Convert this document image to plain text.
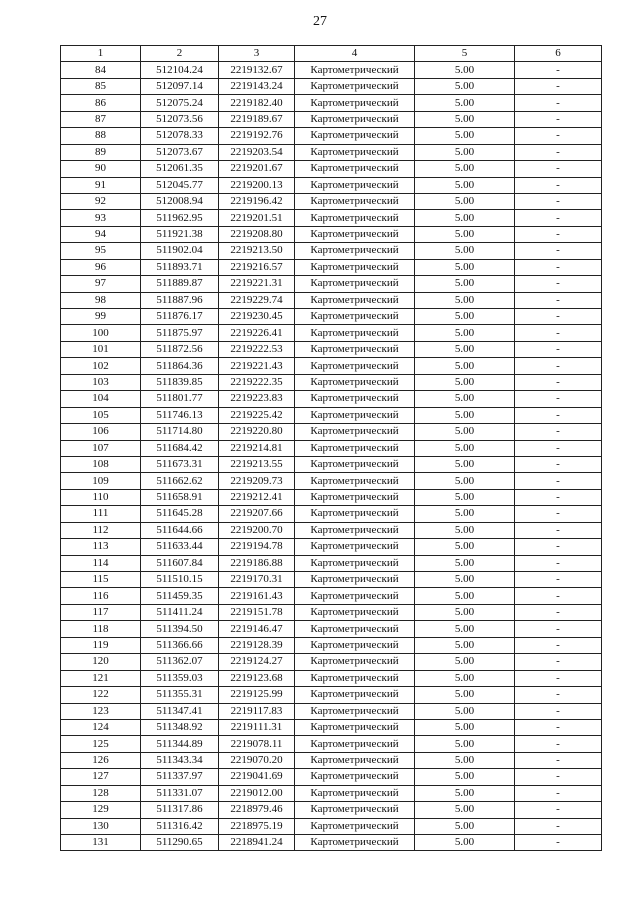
27
1	2	3	4	5	6
84	512104.24	2219132.67	Картометрический	5.00	-
85	512097.14	2219143.24	Картометрический	5.00	-
86	512075.24	2219182.40	Картометрический	5.00	-
87	512073.56	2219189.67	Картометрический	5.00	-
88	512078.33	2219192.76	Картометрический	5.00	-
89	512073.67	2219203.54	Картометрический	5.00	-
90	512061.35	2219201.67	Картометрический	5.00	-
91	512045.77	2219200.13	Картометрический	5.00	-
92	512008.94	2219196.42	Картометрический	5.00	-
93	511962.95	2219201.51	Картометрический	5.00	-
94	511921.38	2219208.80	Картометрический	5.00	-
95	511902.04	2219213.50	Картометрический	5.00	-
96	511893.71	2219216.57	Картометрический	5.00	-
97	511889.87	2219221.31	Картометрический	5.00	-
98	511887.96	2219229.74	Картометрический	5.00	-
99	511876.17	2219230.45	Картометрический	5.00	-
100	511875.97	2219226.41	Картометрический	5.00	-
101	511872.56	2219222.53	Картометрический	5.00	-
102	511864.36	2219221.43	Картометрический	5.00	-
103	511839.85	2219222.35	Картометрический	5.00	-
104	511801.77	2219223.83	Картометрический	5.00	-
105	511746.13	2219225.42	Картометрический	5.00	-
106	511714.80	2219220.80	Картометрический	5.00	-
107	511684.42	2219214.81	Картометрический	5.00	-
108	511673.31	2219213.55	Картометрический	5.00	-
109	511662.62	2219209.73	Картометрический	5.00	-
110	511658.91	2219212.41	Картометрический	5.00	-
111	511645.28	2219207.66	Картометрический	5.00	-
112	511644.66	2219200.70	Картометрический	5.00	-
113	511633.44	2219194.78	Картометрический	5.00	-
114	511607.84	2219186.88	Картометрический	5.00	-
115	511510.15	2219170.31	Картометрический	5.00	-
116	511459.35	2219161.43	Картометрический	5.00	-
117	511411.24	2219151.78	Картометрический	5.00	-
118	511394.50	2219146.47	Картометрический	5.00	-
119	511366.66	2219128.39	Картометрический	5.00	-
120	511362.07	2219124.27	Картометрический	5.00	-
121	511359.03	2219123.68	Картометрический	5.00	-
122	511355.31	2219125.99	Картометрический	5.00	-
123	511347.41	2219117.83	Картометрический	5.00	-
124	511348.92	2219111.31	Картометрический	5.00	-
125	511344.89	2219078.11	Картометрический	5.00	-
126	511343.34	2219070.20	Картометрический	5.00	-
127	511337.97	2219041.69	Картометрический	5.00	-
128	511331.07	2219012.00	Картометрический	5.00	-
129	511317.86	2218979.46	Картометрический	5.00	-
130	511316.42	2218975.19	Картометрический	5.00	-
131	511290.65	2218941.24	Картометрический	5.00	-
